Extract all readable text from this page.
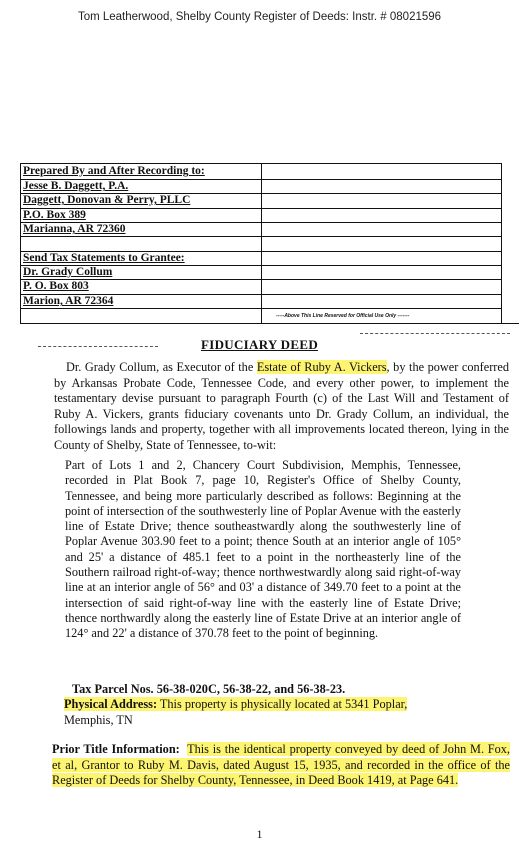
Tom Leatherwood, Shelby County Register of Deeds: Instr. # 08021596
Prepared By and After Recording to:
Jesse B. Daggett, P.A.
Daggett, Donovan & Perry, PLLC
P.O. Box 389
Marianna, AR 72360
Send Tax Statements to Grantee:
Dr. Grady Collum
P. O. Box 803
Marion, AR 72364
-----Above This Line Reserved for Official Use Only -------
FIDUCIARY DEED
Dr. Grady Collum, as Executor of the Estate of Ruby A. Vickers, by the power conferred by Arkansas Probate Code, Tennessee Code, and every other power, to implement the testamentary devise pursuant to paragraph Fourth (c) of the Last Will and Testament of Ruby A. Vickers, grants fiduciary covenants unto Dr. Grady Collum, an individual, the followings lands and property, together with all improvements located thereon, lying in the County of Shelby, State of Tennessee, to-wit:
Part of Lots 1 and 2, Chancery Court Subdivision, Memphis, Tennessee, recorded in Plat Book 7, page 10, Register's Office of Shelby County, Tennessee, and being more particularly described as follows: Beginning at the point of intersection of the southwesterly line of Poplar Avenue with the easterly line of Estate Drive; thence southeastwardly along the southwesterly line of Poplar Avenue 303.90 feet to a point; thence South at an interior angle of 105° and 25' a distance of 485.1 feet to a point in the northeasterly line of the Southern railroad right-of-way; thence northwestwardly along said right-of-way line at an interior angle of 56° and 03' a distance of 349.70 feet to a point at the intersection of said right-of-way line with the easterly line of Estate Drive; thence northwardly along the easterly line of Estate Drive at an interior angle of 124° and 22' a distance of 370.78 feet to the point of beginning.
Tax Parcel Nos. 56-38-020C, 56-38-22, and 56-38-23.
Physical Address: This property is physically located at 5341 Poplar,
Memphis, TN
Prior Title Information: This is the identical property conveyed by deed of John M. Fox, et al, Grantor to Ruby M. Davis, dated August 15, 1935, and recorded in the office of the Register of Deeds for Shelby County, Tennessee, in Deed Book 1419, at Page 641.
1
